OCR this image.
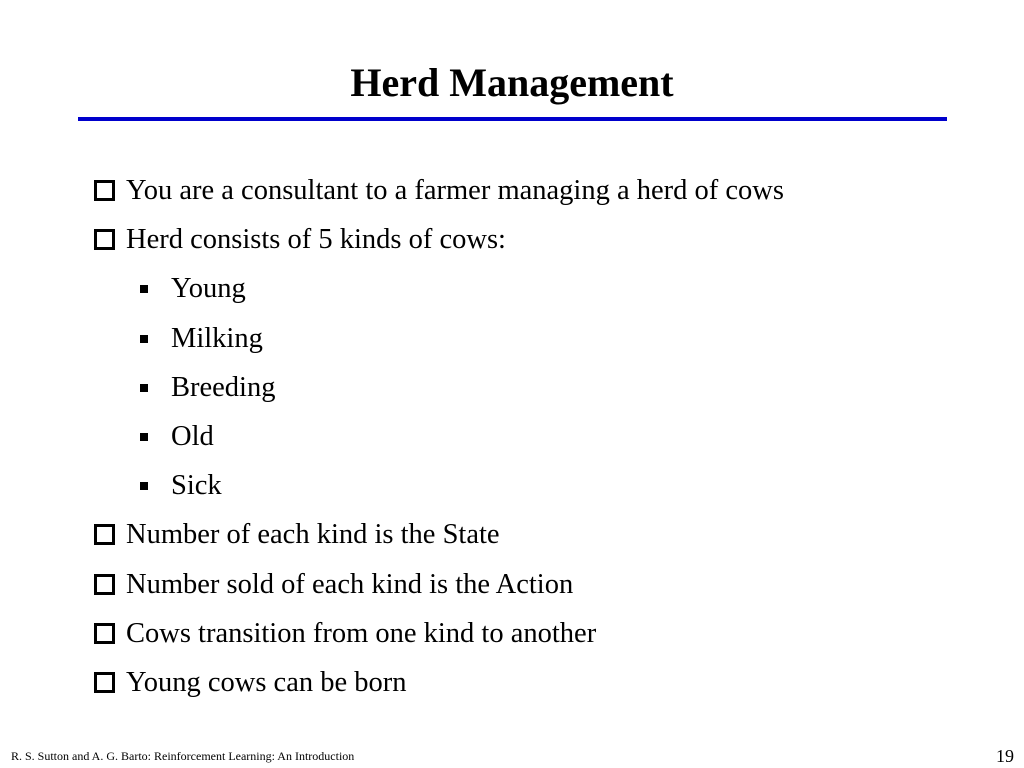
Herd Management
You are a consultant to a farmer managing a herd of cows
Herd consists of 5 kinds of cows:
Young
Milking
Breeding
Old
Sick
Number of each kind is the State
Number sold of each kind is the Action
Cows transition from one kind to another
Young cows can be born
R. S. Sutton and A. G. Barto: Reinforcement Learning: An Introduction	19
